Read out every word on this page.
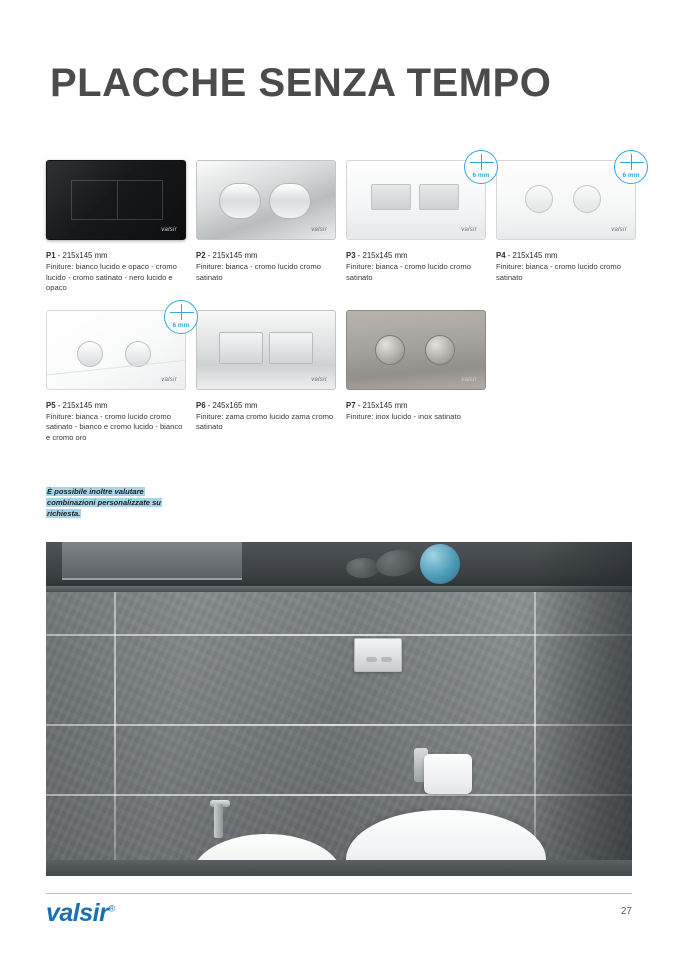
PLACCHE SENZA TEMPO
valsir
P1 - 215x145 mm
Finiture: bianco lucido e opaco - cromo lucido - cromo satinato - nero lucido e opaco
valsir
P2 - 215x145 mm
Finiture: bianca - cromo lucido cromo satinato
valsir
6 mm
P3 - 215x145 mm
Finiture: bianca - cromo lucido cromo satinato
valsir
6 mm
P4 - 215x145 mm
Finiture: bianca - cromo lucido cromo satinato
valsir
6 mm
P5 - 215x145 mm
Finiture: bianca - cromo lucido cromo satinato - bianco e cromo lucido - bianco e cromo oro
valsir
P6 - 245x165 mm
Finiture: zama cromo lucido zama cromo satinato
valsir
P7 - 215x145 mm
Finiture: inox lucido - inox satinato
È possibile inoltre valutare combinazioni personalizzate su richiesta.
valsir®	27
